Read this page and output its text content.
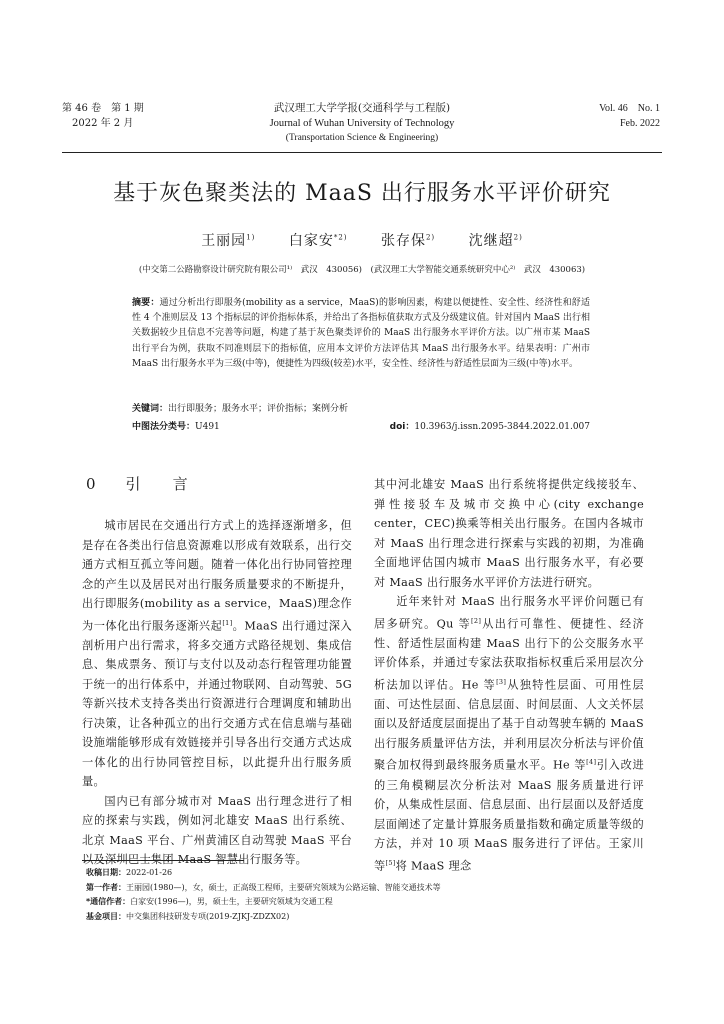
第 46 卷　第 1 期
2022 年 2 月
武汉理工大学学报(交通科学与工程版)
Journal of Wuhan University of Technology
(Transportation Science & Engineering)
Vol. 46　No. 1
Feb. 2022
基于灰色聚类法的 MaaS 出行服务水平评价研究
王丽园$^{1)}$ 白家安$^{*2)}$ 张存保$^{2)}$ 沈继超$^{2)}$
(中交第二公路勘察设计研究院有限公司¹⁾　武汉　430056)　(武汉理工大学智能交通系统研究中心²⁾　武汉　430063)
摘要：通过分析出行即服务(mobility as a service，MaaS)的影响因素，构建以便捷性、安全性、经济性和舒适性 4 个准则层及 13 个指标层的评价指标体系，并给出了各指标值获取方式及分级建议值。针对国内 MaaS 出行相关数据较少且信息不完善等问题，构建了基于灰色聚类评价的 MaaS 出行服务水平评价方法。以广州市某 MaaS 出行平台为例，获取不同准则层下的指标值，应用本文评价方法评估其 MaaS 出行服务水平。结果表明：广州市 MaaS 出行服务水平为三级(中等)，便捷性为四级(较差)水平，安全性、经济性与舒适性层面为三级(中等)水平。
关键词：出行即服务；服务水平；评价指标；案例分析
中图法分类号：U491	doi：10.3963/j.issn.2095-3844.2022.01.007
0 引 言

城市居民在交通出行方式上的选择逐渐增多，但是存在各类出行信息资源难以形成有效联系，出行交通方式相互孤立等问题。随着一体化出行协同管控理念的产生以及居民对出行服务质量要求的不断提升，出行即服务(mobility as a service，MaaS)理念作为一体化出行服务逐渐兴起[1]。MaaS 出行通过深入剖析用户出行需求，将多交通方式路径规划、集成信息、集成票务、预订与支付以及动态行程管理功能置于统一的出行体系中，并通过物联网、自动驾驶、5G 等新兴技术支持各类出行资源进行合理调度和辅助出行决策，让各种孤立的出行交通方式在信息端与基础设施端能够形成有效链接并引导各出行交通方式达成一体化的出行协同管控目标，以此提升出行服务质量。

国内已有部分城市对 MaaS 出行理念进行了相应的探索与实践，例如河北雄安 MaaS 出行系统、北京 MaaS 平台、广州黄浦区自动驾驶 MaaS 平台以及深圳巴士集团 MaaS 智慧出行服务等。

其中河北雄安 MaaS 出行系统将提供定线接驳车、弹性接驳车及城市交换中心(city exchange center，CEC)换乘等相关出行服务。在国内各城市对 MaaS 出行理念进行探索与实践的初期，为准确全面地评估国内城市 MaaS 出行服务水平，有必要对 MaaS 出行服务水平评价方法进行研究。

近年来针对 MaaS 出行服务水平评价问题已有居多研究。Qu 等[2]从出行可靠性、便捷性、经济性、舒适性层面构建 MaaS 出行下的公交服务水平评价体系，并通过专家法获取指标权重后采用层次分析法加以评估。He 等[3]从独特性层面、可用性层面、可达性层面、信息层面、时间层面、人文关怀层面以及舒适度层面提出了基于自动驾驶车辆的 MaaS 出行服务质量评估方法，并利用层次分析法与评价值聚合加权得到最终服务质量水平。He 等[4]引入改进的三角模糊层次分析法对 MaaS 服务质量进行评价，从集成性层面、信息层面、出行层面以及舒适度层面阐述了定量计算服务质量指数和确定质量等级的方法，并对 10 项 MaaS 服务进行了评估。王家川等[5]将 MaaS 理念

收稿日期：2022-01-26
第一作者：王丽园(1980—)，女，硕士，正高级工程师，主要研究领域为公路运输、智能交通技术等
*通信作者：白家安(1996—)，男，硕士生，主要研究领域为交通工程
基金项目：中交集团科技研发专项(2019-ZJKJ-ZDZX02)
